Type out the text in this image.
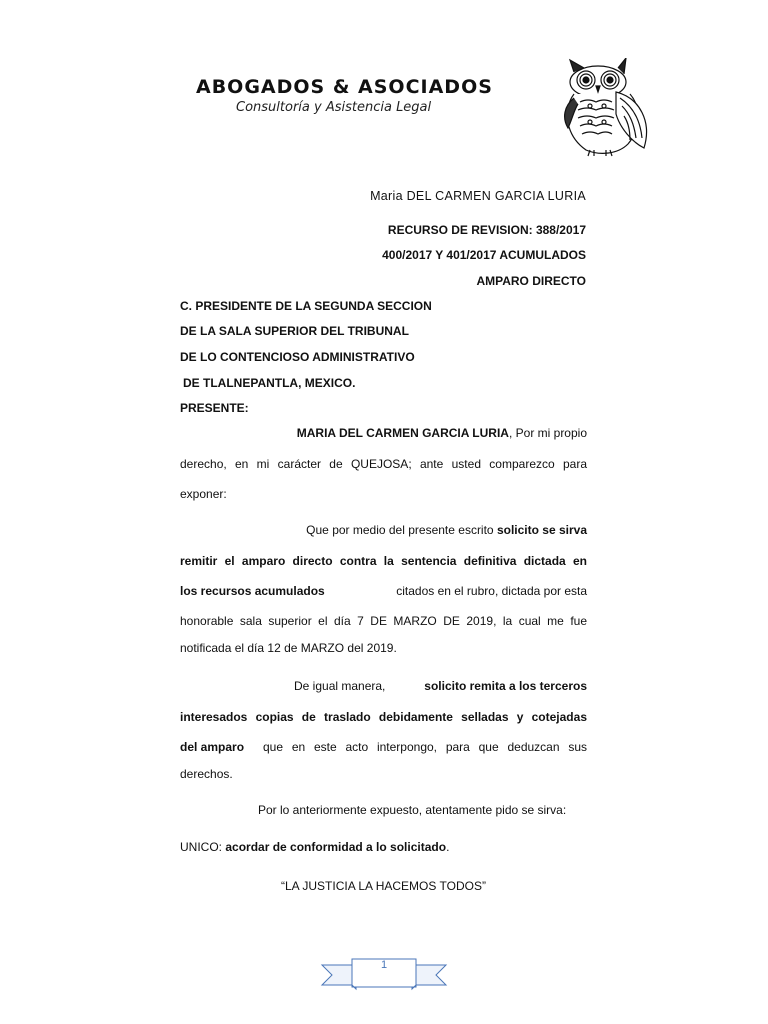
ABOGADOS & ASOCIADOS
Consultoría y Asistencia Legal
Maria DEL CARMEN GARCIA LURIA
RECURSO DE REVISION: 388/2017
400/2017 Y 401/2017 ACUMULADOS
AMPARO DIRECTO
C. PRESIDENTE DE LA SEGUNDA SECCION
DE LA SALA SUPERIOR DEL TRIBUNAL
DE LO CONTENCIOSO ADMINISTRATIVO
DE TLALNEPANTLA, MEXICO.
PRESENTE:
MARIA DEL CARMEN GARCIA LURIA, Por mi propio
derecho, en mi carácter de QUEJOSA; ante usted comparezco para
exponer:
Que por medio del presente escrito solicito se sirva
remitir el amparo directo contra la sentencia definitiva dictada en
los recursos acumulados	citados en el rubro, dictada por esta
honorable sala superior el día 7 DE MARZO DE 2019, la cual me fue
notificada el día 12 de MARZO del 2019.
De igual manera,	solicito remita a los terceros
interesados copias de traslado debidamente selladas y cotejadas
del amparo que en este acto interpongo, para que deduzcan sus
derechos.
Por lo anteriormente expuesto, atentamente pido se sirva:
UNICO: acordar de conformidad a lo solicitado.
“LA JUSTICIA LA HACEMOS TODOS”
1
